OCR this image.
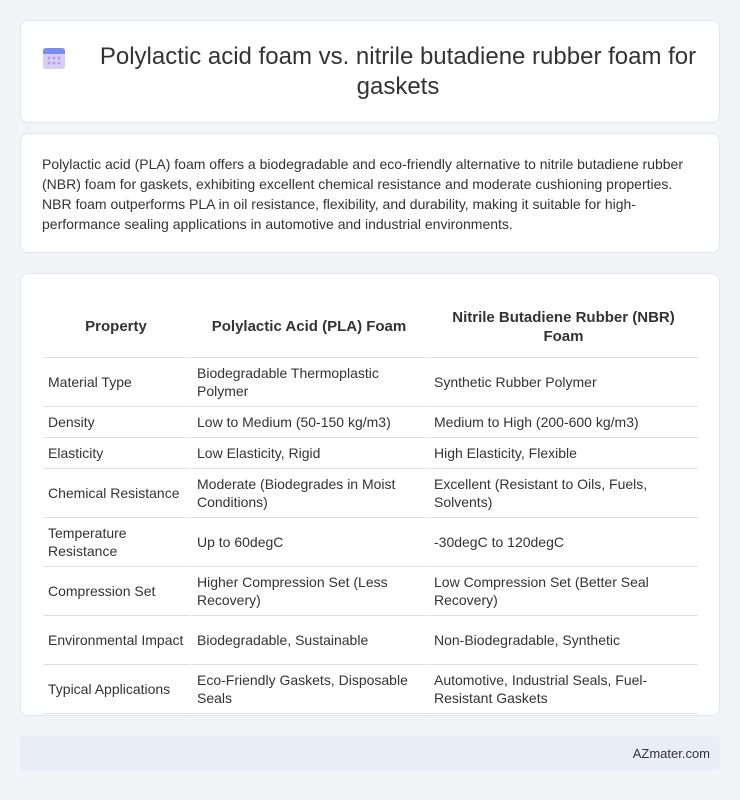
Polylactic acid foam vs. nitrile butadiene rubber foam for gaskets

Polylactic acid (PLA) foam offers a biodegradable and eco-friendly alternative to nitrile butadiene rubber (NBR) foam for gaskets, exhibiting excellent chemical resistance and moderate cushioning properties. NBR foam outperforms PLA in oil resistance, flexibility, and durability, making it suitable for high-performance sealing applications in automotive and industrial environments.

Property	Polylactic Acid (PLA) Foam	Nitrile Butadiene Rubber (NBR) Foam
Material Type	Biodegradable Thermoplastic Polymer	Synthetic Rubber Polymer
Density	Low to Medium (50-150 kg/m3)	Medium to High (200-600 kg/m3)
Elasticity	Low Elasticity, Rigid	High Elasticity, Flexible
Chemical Resistance	Moderate (Biodegrades in Moist Conditions)	Excellent (Resistant to Oils, Fuels, Solvents)
Temperature Resistance	Up to 60degC	-30degC to 120degC
Compression Set	Higher Compression Set (Less Recovery)	Low Compression Set (Better Seal Recovery)
Environmental Impact	Biodegradable, Sustainable	Non-Biodegradable, Synthetic
Typical Applications	Eco-Friendly Gaskets, Disposable Seals	Automotive, Industrial Seals, Fuel-Resistant Gaskets
AZmater.com
